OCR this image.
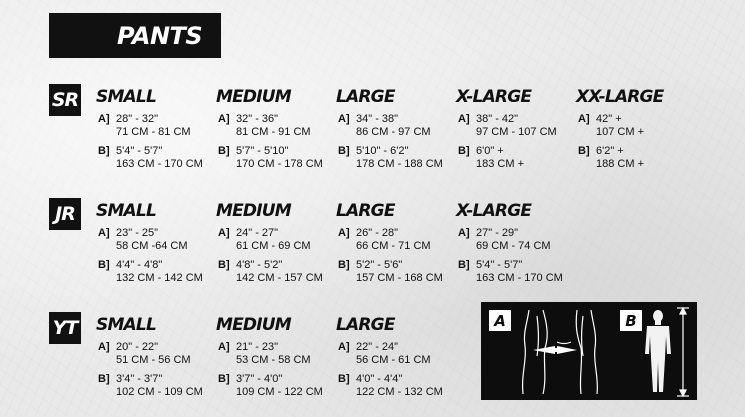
PANTS
SR SMALL
A] 28" - 32"
71 CM - 81 CM
B] 5'4" - 5'7"
163 CM - 170 CM
MEDIUM
A] 32" - 36"
81 CM - 91 CM
B] 5'7" - 5'10"
170 CM - 178 CM
LARGE
A] 34" - 38"
86 CM - 97 CM
B] 5'10" - 6'2"
178 CM - 188 CM
X-LARGE
A] 38" - 42"
97 CM - 107 CM
B] 6'0" +
183 CM +
XX-LARGE
A] 42" +
107 CM +
B] 6'2" +
188 CM +
JR	SMALL
A] 23" - 25"
58 CM -64 CM
B] 4'4" - 4'8"
132 CM - 142 CM
MEDIUM
A] 24" - 27"
61 CM - 69 CM
B] 4'8" - 5'2"
142 CM - 157 CM
LARGE
A] 26" - 28"
66 CM - 71 CM
B] 5'2" - 5'6"
157 CM - 168 CM
X-LARGE
A] 27" - 29"
69 CM - 74 CM
B] 5'4" - 5'7"
163 CM - 170 CM
YT SMALL
A] 20" - 22"
51 CM - 56 CM
B] 3'4" - 3'7"
102 CM - 109 CM
MEDIUM
A] 21" - 23"
53 CM - 58 CM
B] 3'7" - 4'0"
109 CM - 122 CM
LARGE
A] 22" - 24"
56 CM - 61 CM
B] 4'0" - 4'4"
122 CM - 132 CM
A	B
